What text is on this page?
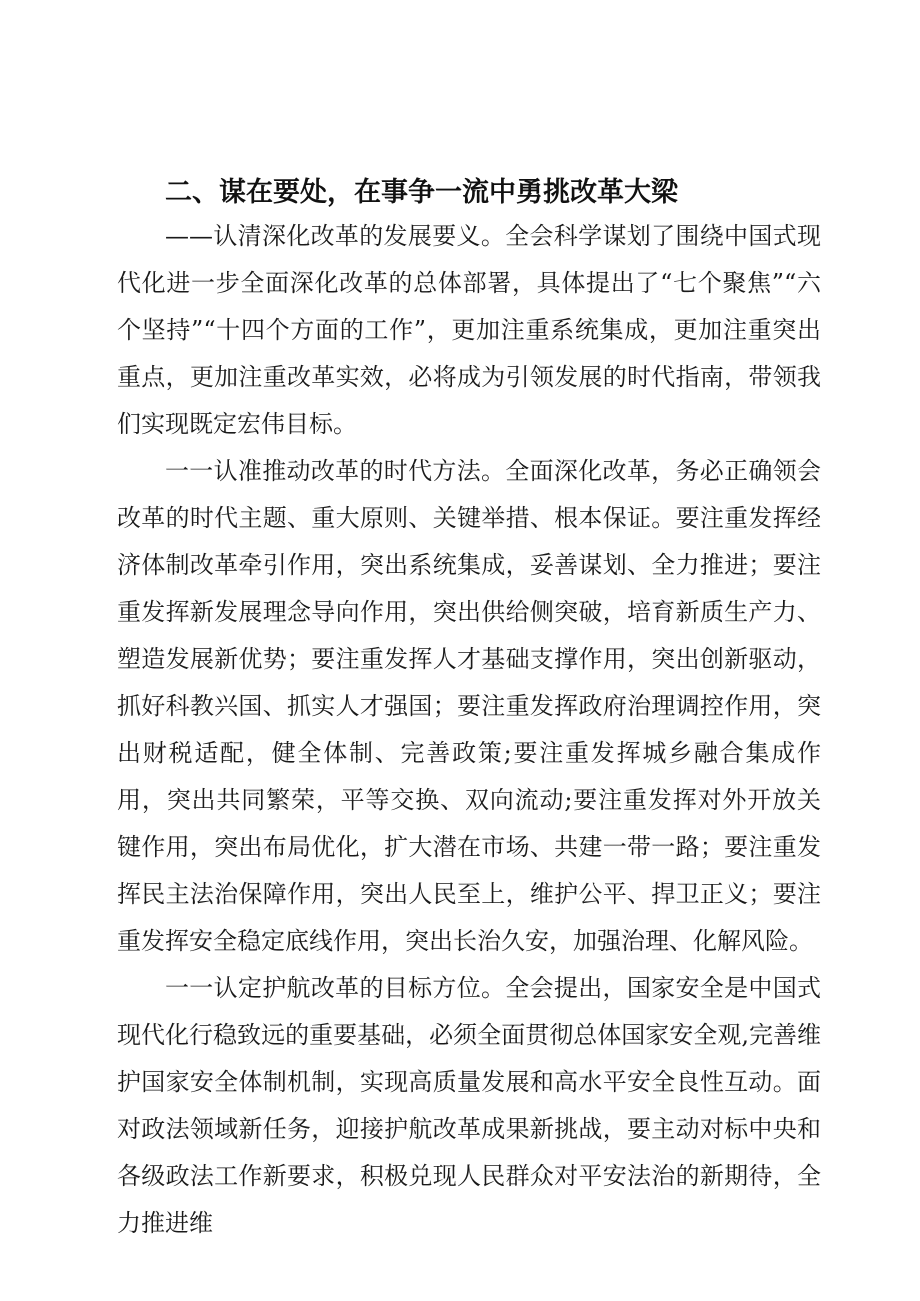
二、谋在要处，在事争一流中勇挑改革大梁

——认清深化改革的发展要义。全会科学谋划了围绕中国式现代化进一步全面深化改革的总体部署，具体提出了“七个聚焦”“六个坚持”“十四个方面的工作”，更加注重系统集成，更加注重突出重点，更加注重改革实效，必将成为引领发展的时代指南，带领我们实现既定宏伟目标。

一一认准推动改革的时代方法。全面深化改革，务必正确领会改革的时代主题、重大原则、关键举措、根本保证。要注重发挥经济体制改革牵引作用，突出系统集成，妥善谋划、全力推进；要注重发挥新发展理念导向作用，突出供给侧突破，培育新质生产力、塑造发展新优势；要注重发挥人才基础支撑作用，突出创新驱动，抓好科教兴国、抓实人才强国；要注重发挥政府治理调控作用，突出财税适配，健全体制、完善政策;要注重发挥城乡融合集成作用，突出共同繁荣，平等交换、双向流动;要注重发挥对外开放关键作用，突出布局优化，扩大潜在市场、共建一带一路；要注重发挥民主法治保障作用，突出人民至上，维护公平、捍卫正义；要注重发挥安全稳定底线作用，突出长治久安，加强治理、化解风险。

一一认定护航改革的目标方位。全会提出，国家安全是中国式现代化行稳致远的重要基础，必须全面贯彻总体国家安全观,完善维护国家安全体制机制，实现高质量发展和高水平安全良性互动。面对政法领域新任务，迎接护航改革成果新挑战，要主动对标中央和各级政法工作新要求，积极兑现人民群众对平安法治的新期待，全力推进维
